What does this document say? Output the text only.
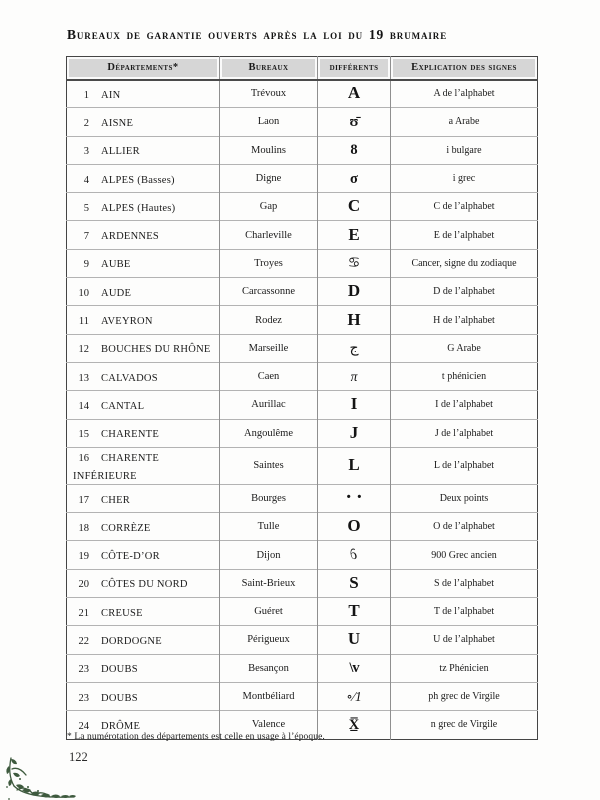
Bureaux de garantie ouverts après la loi du 19 brumaire
Départements*	Bureaux	différents	Explication des signes
1 AIN	Trévoux	A	A de l’alphabet
2 AISNE	Laon	ʊ̄	a Arabe
3 ALLIER	Moulins	8	i bulgare
4 ALPES (Basses)	Digne	σ	i grec
5 ALPES (Hautes)	Gap	C	C de l’alphabet
7 ARDENNES	Charleville	E	E de l’alphabet
9 AUBE	Troyes	♋	Cancer, signe du zodiaque
10 AUDE	Carcassonne	D	D de l’alphabet
11 AVEYRON	Rodez	H	H de l’alphabet
12 BOUCHES DU RHÔNE	Marseille	ج	G Arabe
13 CALVADOS	Caen	π	t phénicien
14 CANTAL	Aurillac	I	I de l’alphabet
15 CHARENTE	Angoulême	J	J de l’alphabet
16 CHARENTE INFÉRIEURE	Saintes	L	L de l’alphabet
17 CHER	Bourges	··	Deux points
18 CORRÈZE	Tulle	O	O de l’alphabet
19 CÔTE-D’OR	Dijon	∂	900 Grec ancien
20 CÔTES DU NORD	Saint-Brieux	S	S de l’alphabet
21 CREUSE	Guéret	T	T de l’alphabet
22 DORDOGNE	Périgueux	U	U de l’alphabet
23 DOUBS	Besançon	\v	tz Phénicien
23 DOUBS	Montbéliard	∘⁄1	ph grec de Virgile
24 DRÔME	Valence	X̲̅	n grec de Virgile

* La numérotation des départements est celle en usage à l’époque.

122
